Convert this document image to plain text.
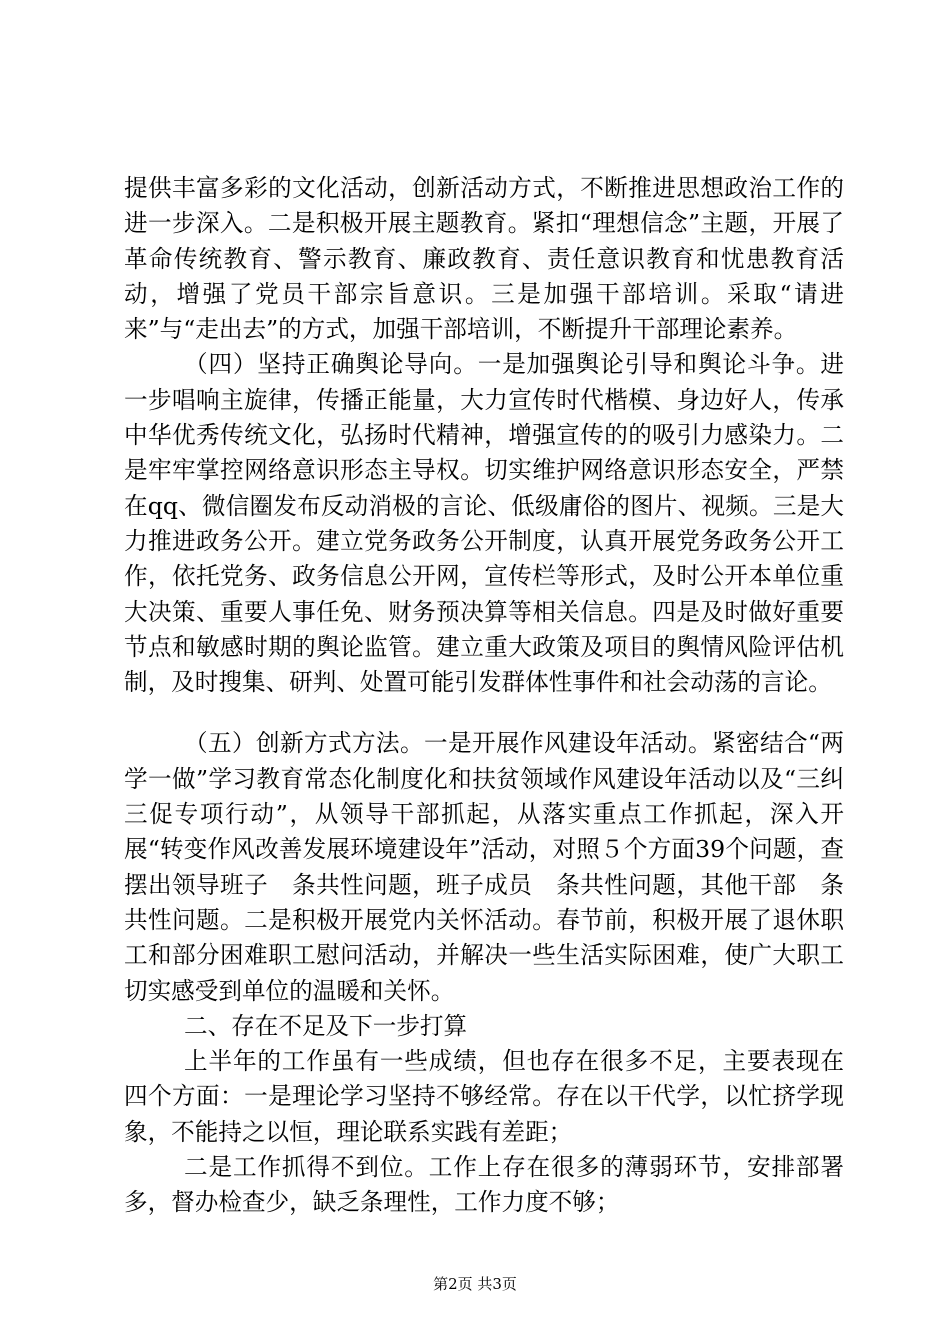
提供丰富多彩的文化活动，创新活动方式，不断推进思想政治工作的进一步深入。二是积极开展主题教育。紧扣“理想信念”主题，开展了革命传统教育、警示教育、廉政教育、责任意识教育和忧患教育活动，增强了党员干部宗旨意识。三是加强干部培训。采取“请进来”与“走出去”的方式，加强干部培训，不断提升干部理论素养。

（四）坚持正确舆论导向。一是加强舆论引导和舆论斗争。进一步唱响主旋律，传播正能量，大力宣传时代楷模、身边好人，传承中华优秀传统文化，弘扬时代精神，增强宣传的的吸引力感染力。二是牢牢掌控网络意识形态主导权。切实维护网络意识形态安全，严禁在qq、微信圈发布反动消极的言论、低级庸俗的图片、视频。三是大力推进政务公开。建立党务政务公开制度，认真开展党务政务公开工作，依托党务、政务信息公开网，宣传栏等形式，及时公开本单位重大决策、重要人事任免、财务预决算等相关信息。四是及时做好重要节点和敏感时期的舆论监管。建立重大政策及项目的舆情风险评估机制，及时搜集、研判、处置可能引发群体性事件和社会动荡的言论。

（五）创新方式方法。一是开展作风建设年活动。紧密结合“两学一做”学习教育常态化制度化和扶贫领域作风建设年活动以及“三纠三促专项行动”，从领导干部抓起，从落实重点工作抓起，深入开展“转变作风改善发展环境建设年”活动，对照５个方面39个问题，查摆出领导班子　条共性问题，班子成员　条共性问题，其他干部　条共性问题。二是积极开展党内关怀活动。春节前，积极开展了退休职工和部分困难职工慰问活动，并解决一些生活实际困难，使广大职工切实感受到单位的温暖和关怀。

二、存在不足及下一步打算

上半年的工作虽有一些成绩，但也存在很多不足，主要表现在四个方面：一是理论学习坚持不够经常。存在以干代学，以忙挤学现象，不能持之以恒，理论联系实践有差距；

二是工作抓得不到位。工作上存在很多的薄弱环节，安排部署多，督办检查少，缺乏条理性，工作力度不够；

第2页 共3页
